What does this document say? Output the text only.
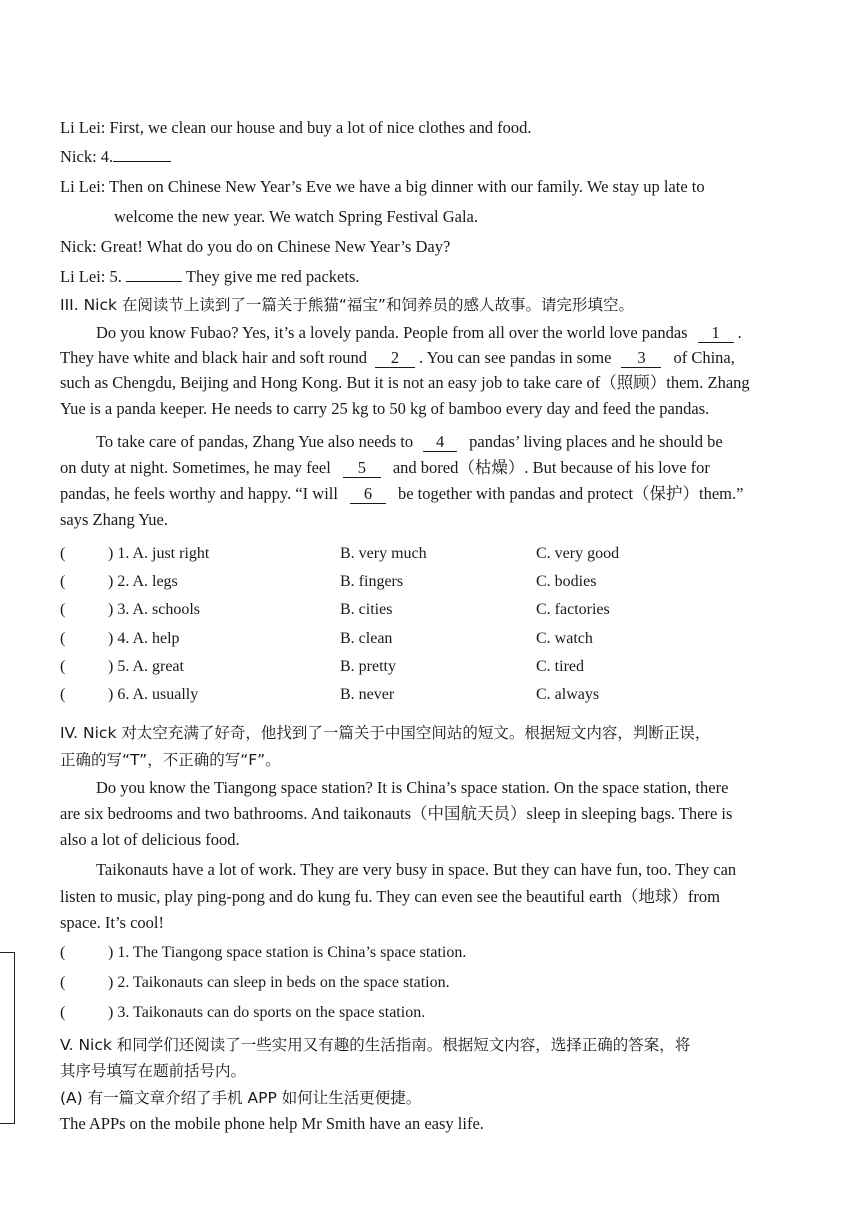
Li Lei: First, we clean our house and buy a lot of nice clothes and food.
Nick: 4.
Li Lei: Then on Chinese New Year’s Eve we have a big dinner with our family. We stay up late to
welcome the new year. We watch Spring Festival Gala.
Nick: Great! What do you do on Chinese New Year’s Day?
Li Lei: 5.	They give me red packets.
III. Nick 在阅读节上读到了一篇关于熊猫“福宝”和饲养员的感人故事。请完形填空。
Do you know Fubao? Yes, it’s a lovely panda. People from all over the world love pandas 1 .
They have white and black hair and soft round 2 . You can see pandas in some 3 of China,
such as Chengdu, Beijing and Hong Kong. But it is not an easy job to take care of（照顾）them. Zhang
Yue is a panda keeper. He needs to carry 25 kg to 50 kg of bamboo every day and feed the pandas.
To take care of pandas, Zhang Yue also needs to 4 pandas’ living places and he should be
on duty at night. Sometimes, he may feel 5 and bored（枯燥）. But because of his love for
pandas, he feels worthy and happy. “I will 6 be together with pandas and protect（保护）them.”
says Zhang Yue.
(	) 1. A. just right	B. very much	C. very good
(	) 2. A. legs	B. fingers	C. bodies
(	) 3. A. schools	B. cities	C. factories
(	) 4. A. help	B. clean	C. watch
(	) 5. A. great	B. pretty	C. tired
(	) 6. A. usually	B. never	C. always
IV. Nick 对太空充满了好奇，他找到了一篇关于中国空间站的短文。根据短文内容，判断正误，
正确的写“T”，不正确的写“F”。
Do you know the Tiangong space station? It is China’s space station. On the space station, there
are six bedrooms and two bathrooms. And taikonauts（中国航天员）sleep in sleeping bags. There is
also a lot of delicious food.
Taikonauts have a lot of work. They are very busy in space. But they can have fun, too. They can
listen to music, play ping-pong and do kung fu. They can even see the beautiful earth（地球）from
space. It’s cool!
(	) 1. The Tiangong space station is China’s space station.
(	) 2. Taikonauts can sleep in beds on the space station.
(	) 3. Taikonauts can do sports on the space station.
V. Nick 和同学们还阅读了一些实用又有趣的生活指南。根据短文内容，选择正确的答案，将
其序号填写在题前括号内。
(A) 有一篇文章介绍了手机 APP 如何让生活更便捷。
The APPs on the mobile phone help Mr Smith have an easy life.
